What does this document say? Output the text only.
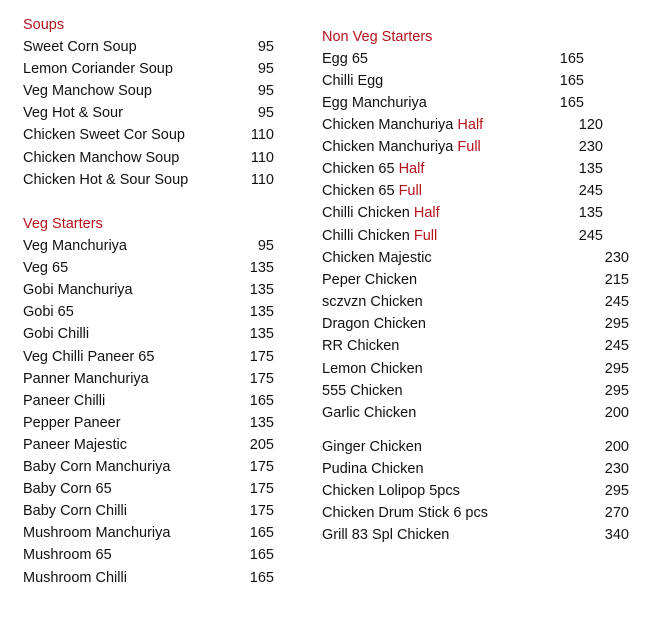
Soups
Sweet Corn Soup	95
Lemon Coriander Soup	95
Veg Manchow Soup	95
Veg Hot & Sour	95
Chicken Sweet Cor Soup	110
Chicken Manchow Soup	110
Chicken Hot & Sour Soup	110
Veg Starters
Veg Manchuriya	95
Veg 65	135
Gobi Manchuriya	135
Gobi 65	135
Gobi Chilli	135
Veg Chilli Paneer 65	175
Panner Manchuriya	175
Paneer Chilli	165
Pepper Paneer	135
Paneer Majestic	205
Baby Corn Manchuriya	175
Baby Corn 65	175
Baby Corn Chilli	175
Mushroom Manchuriya	165
Mushroom 65	165
Mushroom Chilli	165
Non Veg Starters
Egg 65	165
Chilli Egg	165
Egg Manchuriya	165
Chicken Manchuriya Half	120
Chicken Manchuriya Full	230
Chicken 65 Half	135
Chicken 65 Full	245
Chilli Chicken Half	135
Chilli Chicken Full	245
Chicken Majestic	230
Peper Chicken	215
sczvzn Chicken	245
Dragon Chicken	295
RR Chicken	245
Lemon Chicken	295
555 Chicken	295
Garlic Chicken	200
Ginger Chicken	200
Pudina Chicken	230
Chicken Lolipop 5pcs	295
Chicken Drum Stick 6 pcs	270
Grill 83 Spl Chicken	340
